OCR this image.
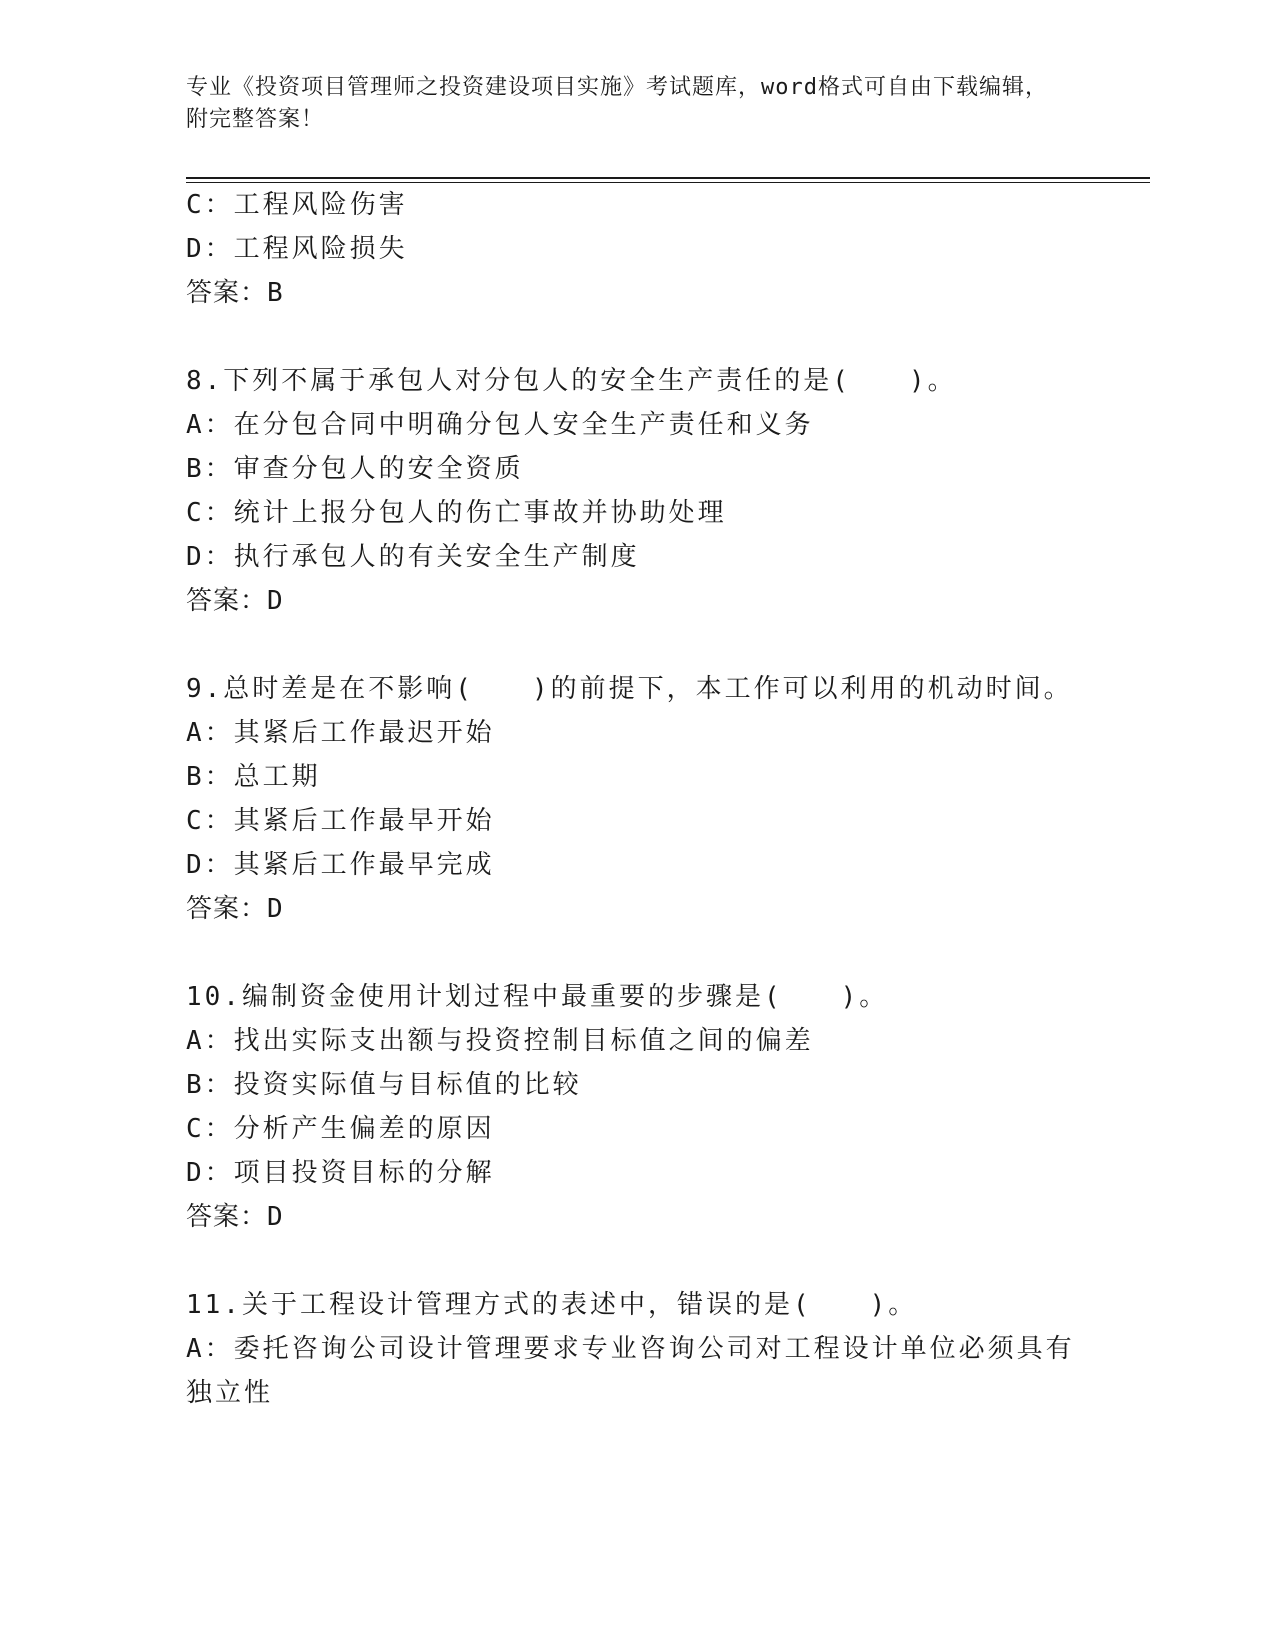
专业《投资项目管理师之投资建设项目实施》考试题库，word格式可自由下载编辑，附完整答案！
C：工程风险伤害
D：工程风险损失
答案：B
8.下列不属于承包人对分包人的安全生产责任的是(　　)。
A：在分包合同中明确分包人安全生产责任和义务
B：审查分包人的安全资质
C：统计上报分包人的伤亡事故并协助处理
D：执行承包人的有关安全生产制度
答案：D
9.总时差是在不影响(　　)的前提下，本工作可以利用的机动时间。
A：其紧后工作最迟开始
B：总工期
C：其紧后工作最早开始
D：其紧后工作最早完成
答案：D
10.编制资金使用计划过程中最重要的步骤是(　　)。
A：找出实际支出额与投资控制目标值之间的偏差
B：投资实际值与目标值的比较
C：分析产生偏差的原因
D：项目投资目标的分解
答案：D
11.关于工程设计管理方式的表述中，错误的是(　　)。
A：委托咨询公司设计管理要求专业咨询公司对工程设计单位必须具有
独立性
